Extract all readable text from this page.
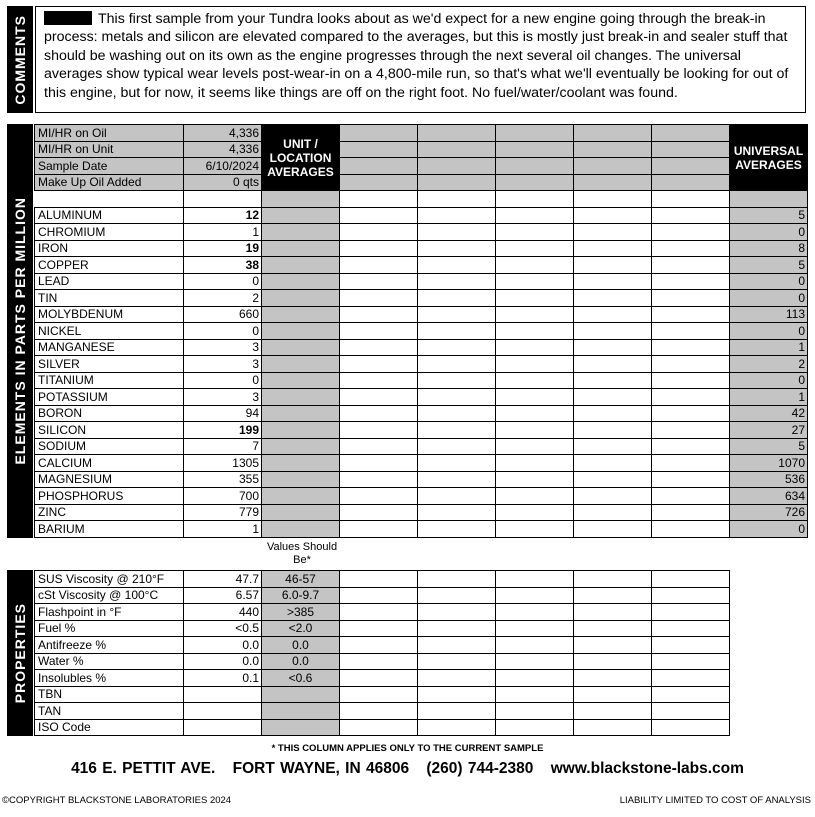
COMMENTS	This first sample from your Tundra looks about as we'd expect for a new engine going through the break-in process: metals and silicon are elevated compared to the averages, but this is mostly just break-in and sealer stuff that should be washing out on its own as the engine progresses through the next several oil changes. The universal averages show typical wear levels post-wear-in on a 4,800-mile run, so that's what we'll eventually be looking for out of this engine, but for now, it seems like things are off on the right foot. No fuel/water/coolant was found.
ELEMENTS IN PARTS PER MILLION
MI/HR on Oil	4,336	UNIT / LOCATION AVERAGES						UNIVERSAL AVERAGES
MI/HR on Unit	4,336							
Sample Date	6/10/2024							
Make Up Oil Added	0 qts							

ALUMINUM	12							5
CHROMIUM	1							0
IRON	19							8
COPPER	38							5
LEAD	0							0
TIN	2							0
MOLYBDENUM	660							113
NICKEL	0							0
MANGANESE	3							1
SILVER	3							2
TITANIUM	0							0
POTASSIUM	3							1
BORON	94							42
SILICON	199							27
SODIUM	7							5
CALCIUM	1305							1070
MAGNESIUM	355							536
PHOSPHORUS	700							634
ZINC	779							726
BARIUM	1							0
Values Should Be*
PROPERTIES
SUS Viscosity @ 210°F	47.7	46-57					
cSt Viscosity @ 100°C	6.57	6.0-9.7					
Flashpoint in °F	440	>385					
Fuel %	<0.5	<2.0					
Antifreeze %	0.0	0.0					
Water %	0.0	0.0					
Insolubles %	0.1	<0.6					
TBN							
TAN							
ISO Code							
* THIS COLUMN APPLIES ONLY TO THE CURRENT SAMPLE
416 E. PETTIT AVE. FORT WAYNE, IN 46806 (260) 744-2380 www.blackstone-labs.com
©COPYRIGHT BLACKSTONE LABORATORIES 2024	LIABILITY LIMITED TO COST OF ANALYSIS
